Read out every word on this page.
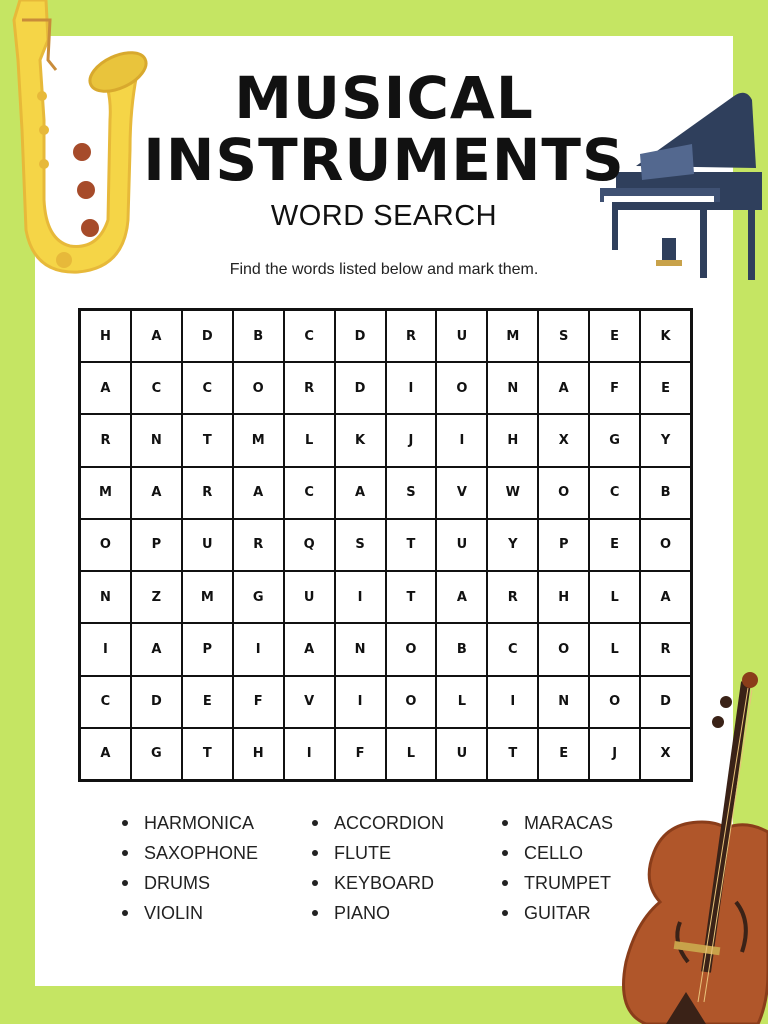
MUSICAL
INSTRUMENTS
WORD SEARCH
Find the words listed below and mark them.
H	A	D	B	C	D	R	U	M	S	E	K
A	C	C	O	R	D	I	O	N	A	F	E
R	N	T	M	L	K	J	I	H	X	G	Y
M	A	R	A	C	A	S	V	W	O	C	B
O	P	U	R	Q	S	T	U	Y	P	E	O
N	Z	M	G	U	I	T	A	R	H	L	A
I	A	P	I	A	N	O	B	C	O	L	R
C	D	E	F	V	I	O	L	I	N	O	D
A	G	T	H	I	F	L	U	T	E	J	X
HARMONICA	ACCORDION	MARACAS
SAXOPHONE	FLUTE	CELLO
DRUMS	KEYBOARD	TRUMPET
VIOLIN	PIANO	GUITAR
